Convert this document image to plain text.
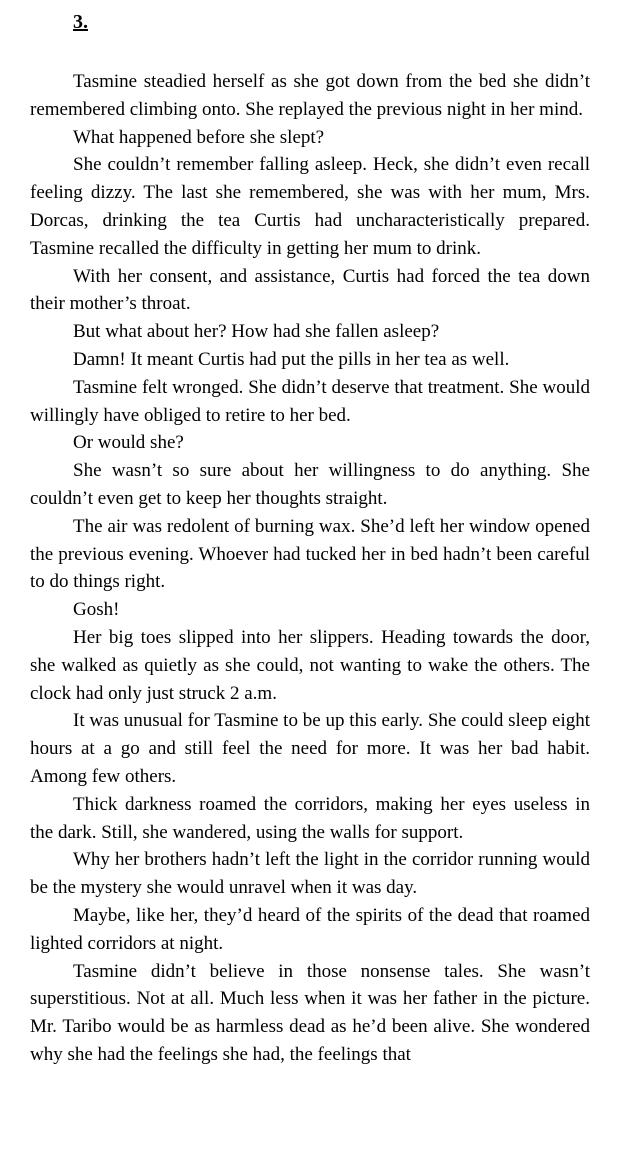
3.

Tasmine steadied herself as she got down from the bed she didn’t remembered climbing onto. She replayed the previous night in her mind.

What happened before she slept?

She couldn’t remember falling asleep. Heck, she didn’t even recall feeling dizzy. The last she remembered, she was with her mum, Mrs. Dorcas, drinking the tea Curtis had uncharacteristically prepared. Tasmine recalled the difficulty in getting her mum to drink.

With her consent, and assistance, Curtis had forced the tea down their mother’s throat.

But what about her? How had she fallen asleep?

Damn! It meant Curtis had put the pills in her tea as well.

Tasmine felt wronged. She didn’t deserve that treatment. She would willingly have obliged to retire to her bed.

Or would she?

She wasn’t so sure about her willingness to do anything. She couldn’t even get to keep her thoughts straight.

The air was redolent of burning wax. She’d left her window opened the previous evening. Whoever had tucked her in bed hadn’t been careful to do things right.

Gosh!

Her big toes slipped into her slippers. Heading towards the door, she walked as quietly as she could, not wanting to wake the others. The clock had only just struck 2 a.m.

It was unusual for Tasmine to be up this early. She could sleep eight hours at a go and still feel the need for more. It was her bad habit. Among few others.

Thick darkness roamed the corridors, making her eyes useless in the dark. Still, she wandered, using the walls for support.

Why her brothers hadn’t left the light in the corridor running would be the mystery she would unravel when it was day.

Maybe, like her, they’d heard of the spirits of the dead that roamed lighted corridors at night.

Tasmine didn’t believe in those nonsense tales. She wasn’t superstitious. Not at all. Much less when it was her father in the picture. Mr. Taribo would be as harmless dead as he’d been alive. She wondered why she had the feelings she had, the feelings that
